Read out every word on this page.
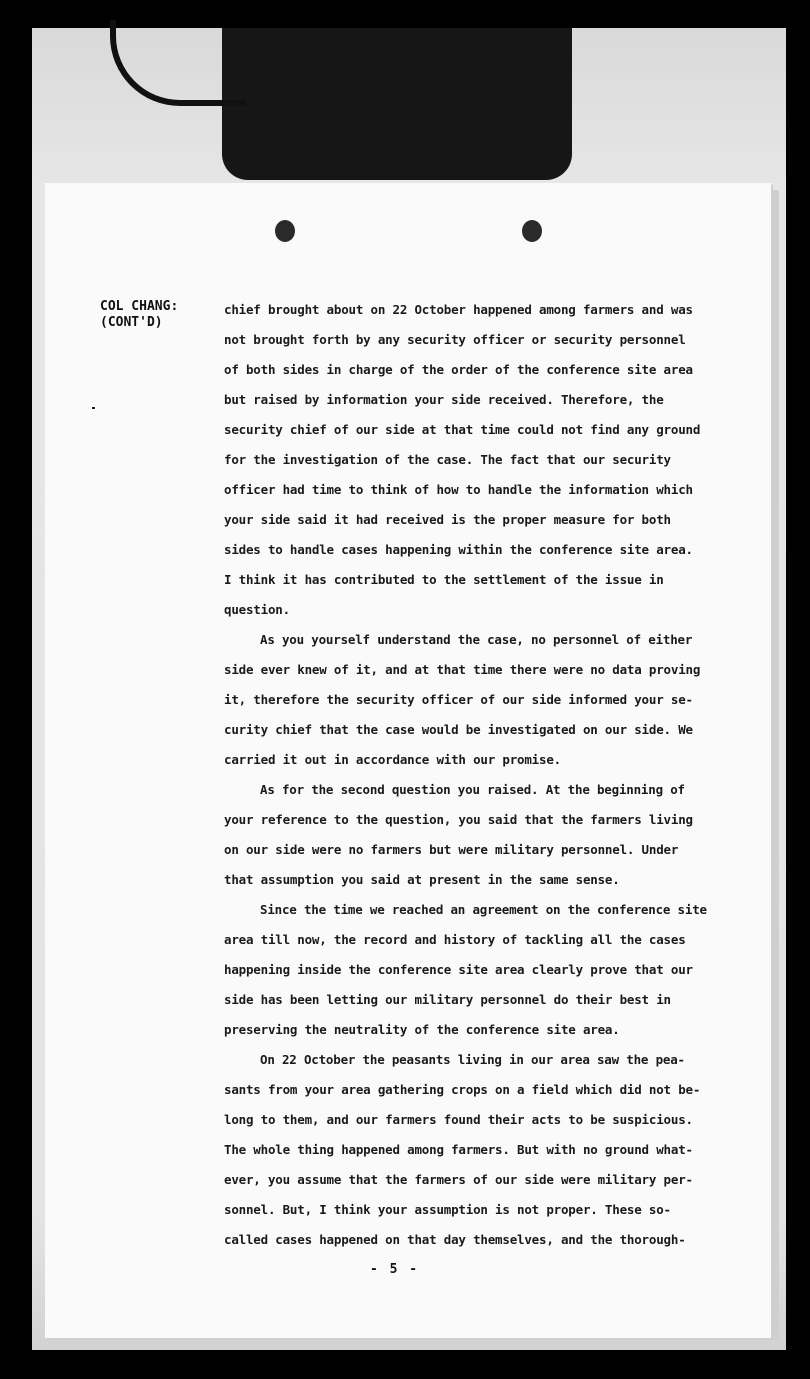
COL CHANG:
(CONT'D)
chief brought about on 22 October happened among farmers and was
not brought forth by any security officer or security personnel
of both sides in charge of the order of the conference site area
but raised by information your side received. Therefore, the
security chief of our side at that time could not find any ground
for the investigation of the case. The fact that our security
officer had time to think of how to handle the information which
your side said it had received is the proper measure for both
sides to handle cases happening within the conference site area.
I think it has contributed to the settlement of the issue in
question.
As you yourself understand the case, no personnel of either
side ever knew of it, and at that time there were no data proving
it, therefore the security officer of our side informed your se-
curity chief that the case would be investigated on our side. We
carried it out in accordance with our promise.
As for the second question you raised. At the beginning of
your reference to the question, you said that the farmers living
on our side were no farmers but were military personnel. Under
that assumption you said at present in the same sense.
Since the time we reached an agreement on the conference site
area till now, the record and history of tackling all the cases
happening inside the conference site area clearly prove that our
side has been letting our military personnel do their best in
preserving the neutrality of the conference site area.
On 22 October the peasants living in our area saw the pea-
sants from your area gathering crops on a field which did not be-
long to them, and our farmers found their acts to be suspicious.
The whole thing happened among farmers. But with no ground what-
ever, you assume that the farmers of our side were military per-
sonnel. But, I think your assumption is not proper. These so-
called cases happened on that day themselves, and the thorough-
- 5 -
